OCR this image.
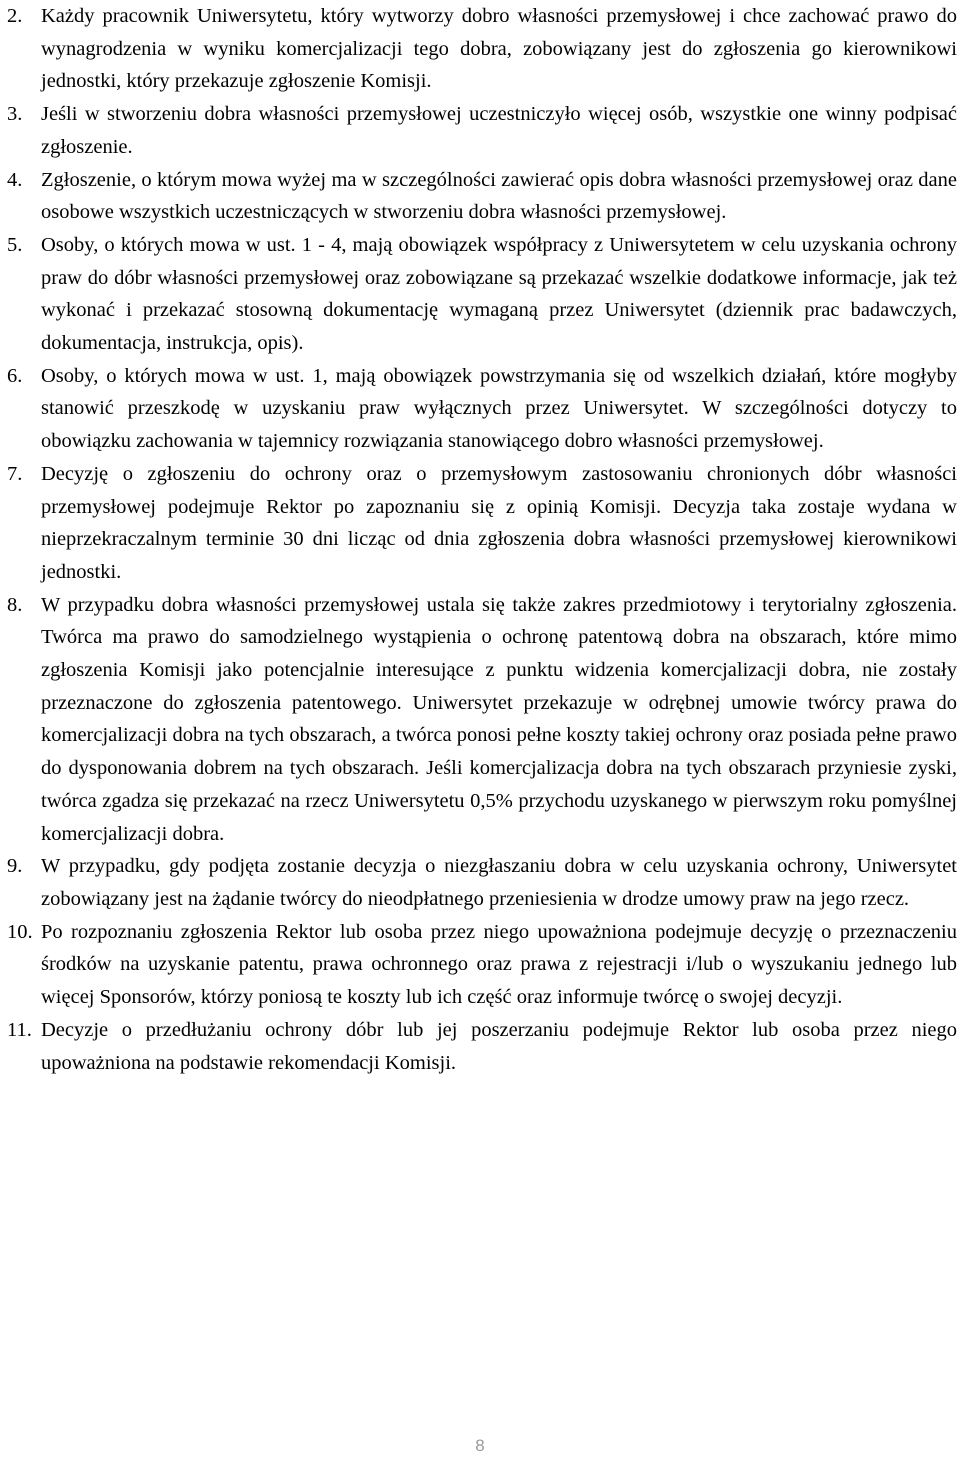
2. Każdy pracownik Uniwersytetu, który wytworzy dobro własności przemysłowej i chce zachować prawo do wynagrodzenia w wyniku komercjalizacji tego dobra, zobowiązany jest do zgłoszenia go kierownikowi jednostki, który przekazuje zgłoszenie Komisji.
3. Jeśli w stworzeniu dobra własności przemysłowej uczestniczyło więcej osób, wszystkie one winny podpisać zgłoszenie.
4. Zgłoszenie, o którym mowa wyżej ma w szczególności zawierać opis dobra własności przemysłowej oraz dane osobowe wszystkich uczestniczących w stworzeniu dobra własności przemysłowej.
5. Osoby, o których mowa w ust. 1 - 4, mają obowiązek współpracy z Uniwersytetem w celu uzyskania ochrony praw do dóbr własności przemysłowej oraz zobowiązane są przekazać wszelkie dodatkowe informacje, jak też wykonać i przekazać stosowną dokumentację wymaganą przez Uniwersytet (dziennik prac badawczych, dokumentacja, instrukcja, opis).
6. Osoby, o których mowa w ust. 1, mają obowiązek powstrzymania się od wszelkich działań, które mogłyby stanowić przeszkodę w uzyskaniu praw wyłącznych przez Uniwersytet. W szczególności dotyczy to obowiązku zachowania w tajemnicy rozwiązania stanowiącego dobro własności przemysłowej.
7. Decyzję o zgłoszeniu do ochrony oraz o przemysłowym zastosowaniu chronionych dóbr własności przemysłowej podejmuje Rektor po zapoznaniu się z opinią Komisji. Decyzja taka zostaje wydana w nieprzekraczalnym terminie 30 dni licząc od dnia zgłoszenia dobra własności przemysłowej kierownikowi jednostki.
8. W przypadku dobra własności przemysłowej ustala się także zakres przedmiotowy i terytorialny zgłoszenia. Twórca ma prawo do samodzielnego wystąpienia o ochronę patentową dobra na obszarach, które mimo zgłoszenia Komisji jako potencjalnie interesujące z punktu widzenia komercjalizacji dobra, nie zostały przeznaczone do zgłoszenia patentowego. Uniwersytet przekazuje w odrębnej umowie twórcy prawa do komercjalizacji dobra na tych obszarach, a twórca ponosi pełne koszty takiej ochrony oraz posiada pełne prawo do dysponowania dobrem na tych obszarach. Jeśli komercjalizacja dobra na tych obszarach przyniesie zyski, twórca zgadza się przekazać na rzecz Uniwersytetu 0,5% przychodu uzyskanego w pierwszym roku pomyślnej komercjalizacji dobra.
9. W przypadku, gdy podjęta zostanie decyzja o niezgłaszaniu dobra w celu uzyskania ochrony, Uniwersytet zobowiązany jest na żądanie twórcy do nieodpłatnego przeniesienia w drodze umowy praw na jego rzecz.
10. Po rozpoznaniu zgłoszenia Rektor lub osoba przez niego upoważniona podejmuje decyzję o przeznaczeniu środków na uzyskanie patentu, prawa ochronnego oraz prawa z rejestracji i/lub o wyszukaniu jednego lub więcej Sponsorów, którzy poniosą te koszty lub ich część oraz informuje twórcę o swojej decyzji.
11. Decyzje o przedłużaniu ochrony dóbr lub jej poszerzaniu podejmuje Rektor lub osoba przez niego upoważniona na podstawie rekomendacji Komisji.
8
